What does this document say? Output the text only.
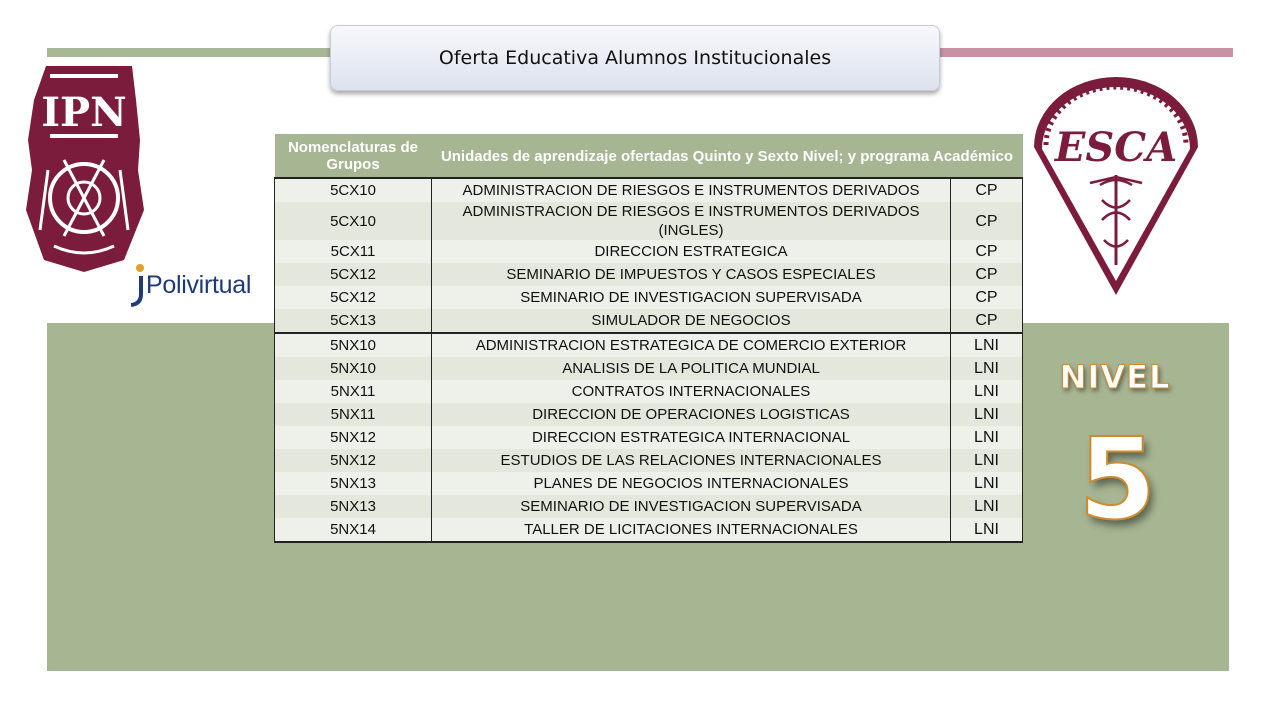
Oferta Educativa Alumnos Institucionales
IPN
Polivirtual
ESCA
NIVEL
5
Nomenclaturas de Grupos	Unidades de aprendizaje ofertadas Quinto y Sexto Nivel; y programa Académico	
5CX10	ADMINISTRACION DE RIESGOS E INSTRUMENTOS DERIVADOS	CP
5CX10	ADMINISTRACION DE RIESGOS E INSTRUMENTOS DERIVADOS (INGLES)	CP
5CX11	DIRECCION ESTRATEGICA	CP
5CX12	SEMINARIO DE IMPUESTOS Y CASOS ESPECIALES	CP
5CX12	SEMINARIO DE INVESTIGACION SUPERVISADA	CP
5CX13	SIMULADOR DE NEGOCIOS	CP
5NX10	ADMINISTRACION ESTRATEGICA DE COMERCIO EXTERIOR	LNI
5NX10	ANALISIS DE LA POLITICA MUNDIAL	LNI
5NX11	CONTRATOS INTERNACIONALES	LNI
5NX11	DIRECCION DE OPERACIONES LOGISTICAS	LNI
5NX12	DIRECCION ESTRATEGICA INTERNACIONAL	LNI
5NX12	ESTUDIOS DE LAS RELACIONES INTERNACIONALES	LNI
5NX13	PLANES DE NEGOCIOS INTERNACIONALES	LNI
5NX13	SEMINARIO DE INVESTIGACION SUPERVISADA	LNI
5NX14	TALLER DE LICITACIONES INTERNACIONALES	LNI
